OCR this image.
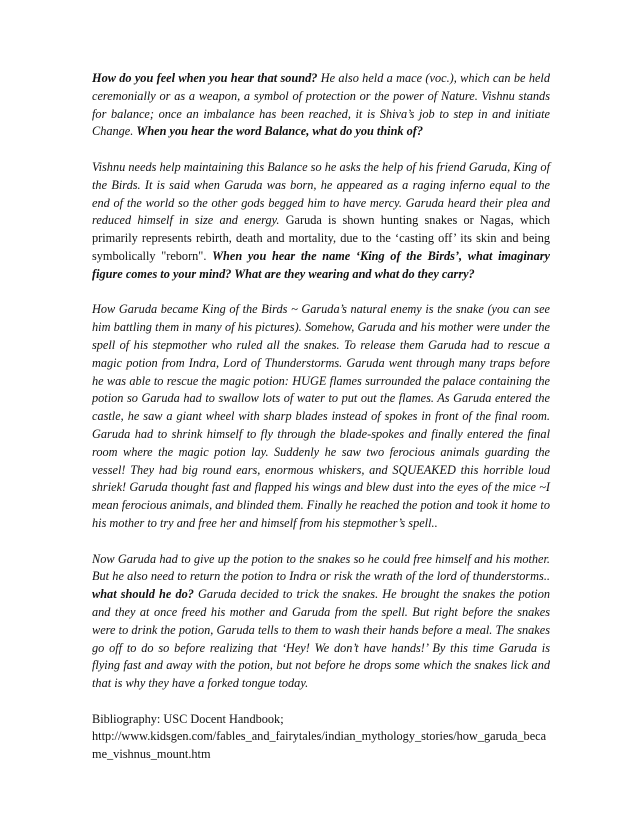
How do you feel when you hear that sound? He also held a mace (voc.), which can be held ceremonially or as a weapon, a symbol of protection or the power of Nature. Vishnu stands for balance; once an imbalance has been reached, it is Shiva’s job to step in and initiate Change. When you hear the word Balance, what do you think of?

Vishnu needs help maintaining this Balance so he asks the help of his friend Garuda, King of the Birds. It is said when Garuda was born, he appeared as a raging inferno equal to the end of the world so the other gods begged him to have mercy. Garuda heard their plea and reduced himself in size and energy. Garuda is shown hunting snakes or Nagas, which primarily represents rebirth, death and mortality, due to the ‘casting off’ its skin and being symbolically "reborn". When you hear the name ‘King of the Birds’, what imaginary figure comes to your mind? What are they wearing and what do they carry?

How Garuda became King of the Birds ~ Garuda’s natural enemy is the snake (you can see him battling them in many of his pictures). Somehow, Garuda and his mother were under the spell of his stepmother who ruled all the snakes. To release them Garuda had to rescue a magic potion from Indra, Lord of Thunderstorms. Garuda went through many traps before he was able to rescue the magic potion: HUGE flames surrounded the palace containing the potion so Garuda had to swallow lots of water to put out the flames. As Garuda entered the castle, he saw a giant wheel with sharp blades instead of spokes in front of the final room. Garuda had to shrink himself to fly through the blade-spokes and finally entered the final room where the magic potion lay. Suddenly he saw two ferocious animals guarding the vessel! They had big round ears, enormous whiskers, and SQUEAKED this horrible loud shriek! Garuda thought fast and flapped his wings and blew dust into the eyes of the mice ~I mean ferocious animals, and blinded them. Finally he reached the potion and took it home to his mother to try and free her and himself from his stepmother’s spell..

Now Garuda had to give up the potion to the snakes so he could free himself and his mother. But he also need to return the potion to Indra or risk the wrath of the lord of thunderstorms.. what should he do? Garuda decided to trick the snakes. He brought the snakes the potion and they at once freed his mother and Garuda from the spell. But right before the snakes were to drink the potion, Garuda tells to them to wash their hands before a meal. The snakes go off to do so before realizing that ‘Hey! We don’t have hands!’ By this time Garuda is flying fast and away with the potion, but not before he drops some which the snakes lick and that is why they have a forked tongue today.

Bibliography: USC Docent Handbook;
http://www.kidsgen.com/fables_and_fairytales/indian_mythology_stories/how_garuda_became_vishnus_mount.htm
